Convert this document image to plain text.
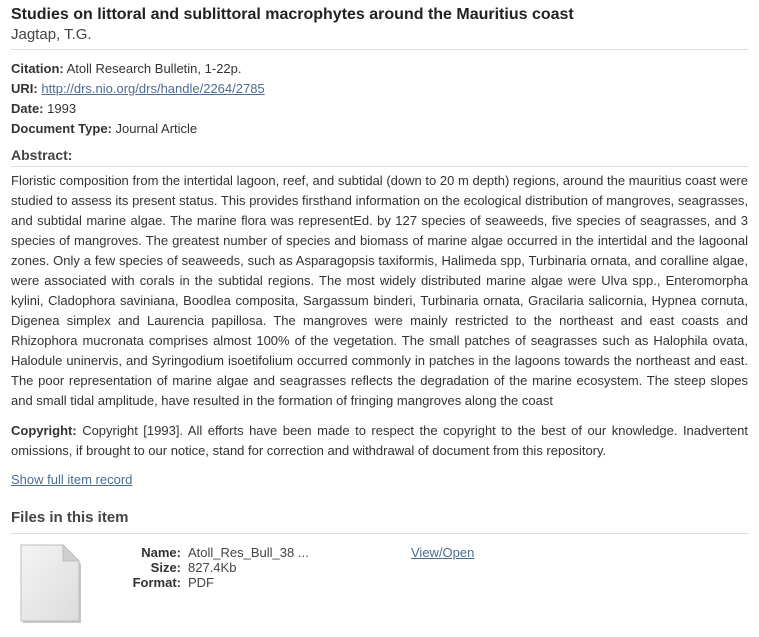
Studies on littoral and sublittoral macrophytes around the Mauritius coast
Jagtap, T.G.
Citation: Atoll Research Bulletin, 1-22p.
URI: http://drs.nio.org/drs/handle/2264/2785
Date: 1993
Document Type: Journal Article
Abstract:
Floristic composition from the intertidal lagoon, reef, and subtidal (down to 20 m depth) regions, around the mauritius coast were studied to assess its present status. This provides firsthand information on the ecological distribution of mangroves, seagrasses, and subtidal marine algae. The marine flora was representEd. by 127 species of seaweeds, five species of seagrasses, and 3 species of mangroves. The greatest number of species and biomass of marine algae occurred in the intertidal and the lagoonal zones. Only a few species of seaweeds, such as Asparagopsis taxiformis, Halimeda spp, Turbinaria ornata, and coralline algae, were associated with corals in the subtidal regions. The most widely distributed marine algae were Ulva spp., Enteromorpha kylini, Cladophora saviniana, Boodlea composita, Sargassum binderi, Turbinaria ornata, Gracilaria salicornia, Hypnea cornuta, Digenea simplex and Laurencia papillosa. The mangroves were mainly restricted to the northeast and east coasts and Rhizophora mucronata comprises almost 100% of the vegetation. The small patches of seagrasses such as Halophila ovata, Halodule uninervis, and Syringodium isoetifolium occurred commonly in patches in the lagoons towards the northeast and east. The poor representation of marine algae and seagrasses reflects the degradation of the marine ecosystem. The steep slopes and small tidal amplitude, have resulted in the formation of fringing mangroves along the coast
Copyright: Copyright [1993]. All efforts have been made to respect the copyright to the best of our knowledge. Inadvertent omissions, if brought to our notice, stand for correction and withdrawal of document from this repository.
Show full item record
Files in this item
Name: Atoll_Res_Bull_38 ...
Size: 827.4Kb
Format: PDF
View/Open
